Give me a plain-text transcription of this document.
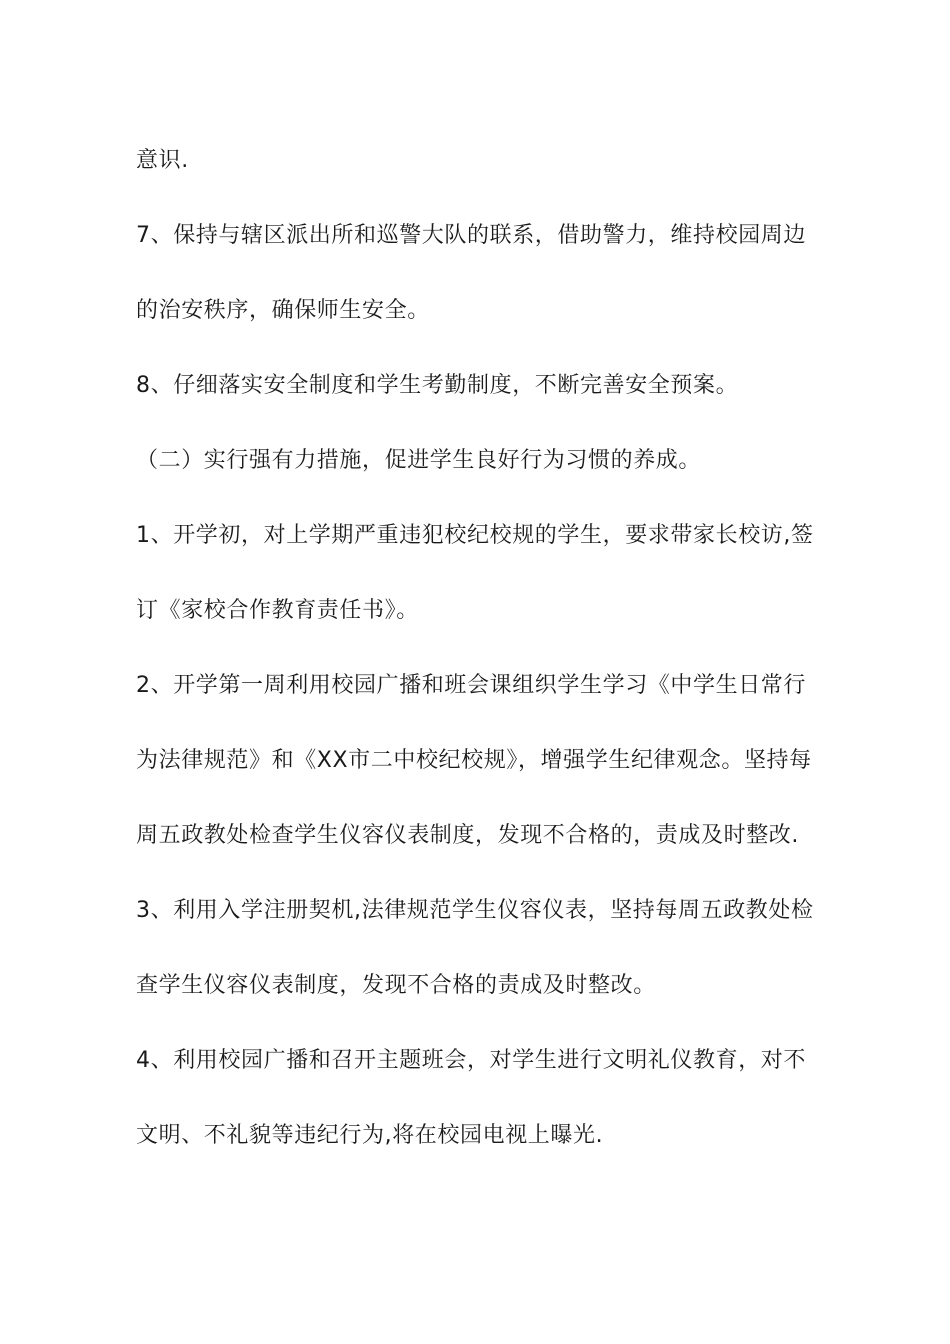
意识.
7、保持与辖区派出所和巡警大队的联系，借助警力，维持校园周边
的治安秩序，确保师生安全。
8、仔细落实安全制度和学生考勤制度，不断完善安全预案。
（二）实行强有力措施，促进学生良好行为习惯的养成。
1、开学初，对上学期严重违犯校纪校规的学生，要求带家长校访,签
订《家校合作教育责任书》。
2、开学第一周利用校园广播和班会课组织学生学习《中学生日常行
为法律规范》和《XX市二中校纪校规》，增强学生纪律观念。坚持每
周五政教处检查学生仪容仪表制度，发现不合格的，责成及时整改.
3、利用入学注册契机,法律规范学生仪容仪表，坚持每周五政教处检
查学生仪容仪表制度，发现不合格的责成及时整改。
4、利用校园广播和召开主题班会，对学生进行文明礼仪教育，对不
文明、不礼貌等违纪行为,将在校园电视上曝光.
